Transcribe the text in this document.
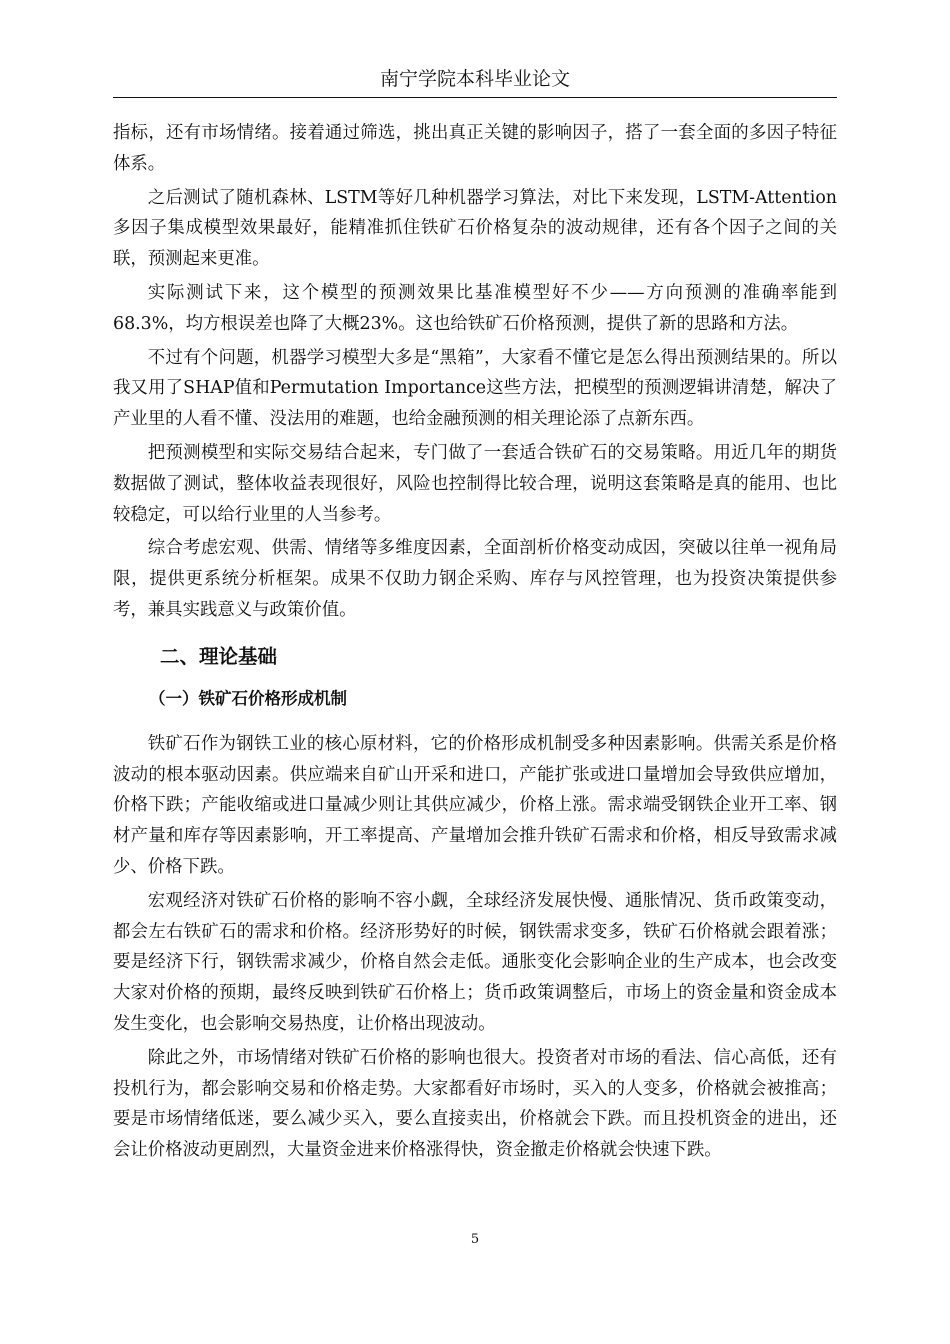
南宁学院本科毕业论文

指标，还有市场情绪。接着通过筛选，挑出真正关键的影响因子，搭了一套全面的多因子特征体系。

之后测试了随机森林、LSTM等好几种机器学习算法，对比下来发现，LSTM-Attention多因子集成模型效果最好，能精准抓住铁矿石价格复杂的波动规律，还有各个因子之间的关联，预测起来更准。

实际测试下来，这个模型的预测效果比基准模型好不少——方向预测的准确率能到68.3%，均方根误差也降了大概23%。这也给铁矿石价格预测，提供了新的思路和方法。

不过有个问题，机器学习模型大多是“黑箱”，大家看不懂它是怎么得出预测结果的。所以我又用了SHAP值和Permutation Importance这些方法，把模型的预测逻辑讲清楚，解决了产业里的人看不懂、没法用的难题，也给金融预测的相关理论添了点新东西。

把预测模型和实际交易结合起来，专门做了一套适合铁矿石的交易策略。用近几年的期货数据做了测试，整体收益表现很好，风险也控制得比较合理，说明这套策略是真的能用、也比较稳定，可以给行业里的人当参考。

综合考虑宏观、供需、情绪等多维度因素，全面剖析价格变动成因，突破以往单一视角局限，提供更系统分析框架。成果不仅助力钢企采购、库存与风控管理，也为投资决策提供参考，兼具实践意义与政策价值。

二、理论基础
（一）铁矿石价格形成机制

铁矿石作为钢铁工业的核心原材料，它的价格形成机制受多种因素影响。供需关系是价格波动的根本驱动因素。供应端来自矿山开采和进口，产能扩张或进口量增加会导致供应增加，价格下跌；产能收缩或进口量减少则让其供应减少，价格上涨。需求端受钢铁企业开工率、钢材产量和库存等因素影响，开工率提高、产量增加会推升铁矿石需求和价格，相反导致需求减少、价格下跌。

宏观经济对铁矿石价格的影响不容小觑，全球经济发展快慢、通胀情况、货币政策变动，都会左右铁矿石的需求和价格。经济形势好的时候，钢铁需求变多，铁矿石价格就会跟着涨；要是经济下行，钢铁需求减少，价格自然会走低。通胀变化会影响企业的生产成本，也会改变大家对价格的预期，最终反映到铁矿石价格上；货币政策调整后，市场上的资金量和资金成本发生变化，也会影响交易热度，让价格出现波动。

除此之外，市场情绪对铁矿石价格的影响也很大。投资者对市场的看法、信心高低，还有投机行为，都会影响交易和价格走势。大家都看好市场时，买入的人变多，价格就会被推高；要是市场情绪低迷，要么减少买入，要么直接卖出，价格就会下跌。而且投机资金的进出，还会让价格波动更剧烈，大量资金进来价格涨得快，资金撤走价格就会快速下跌。

5
